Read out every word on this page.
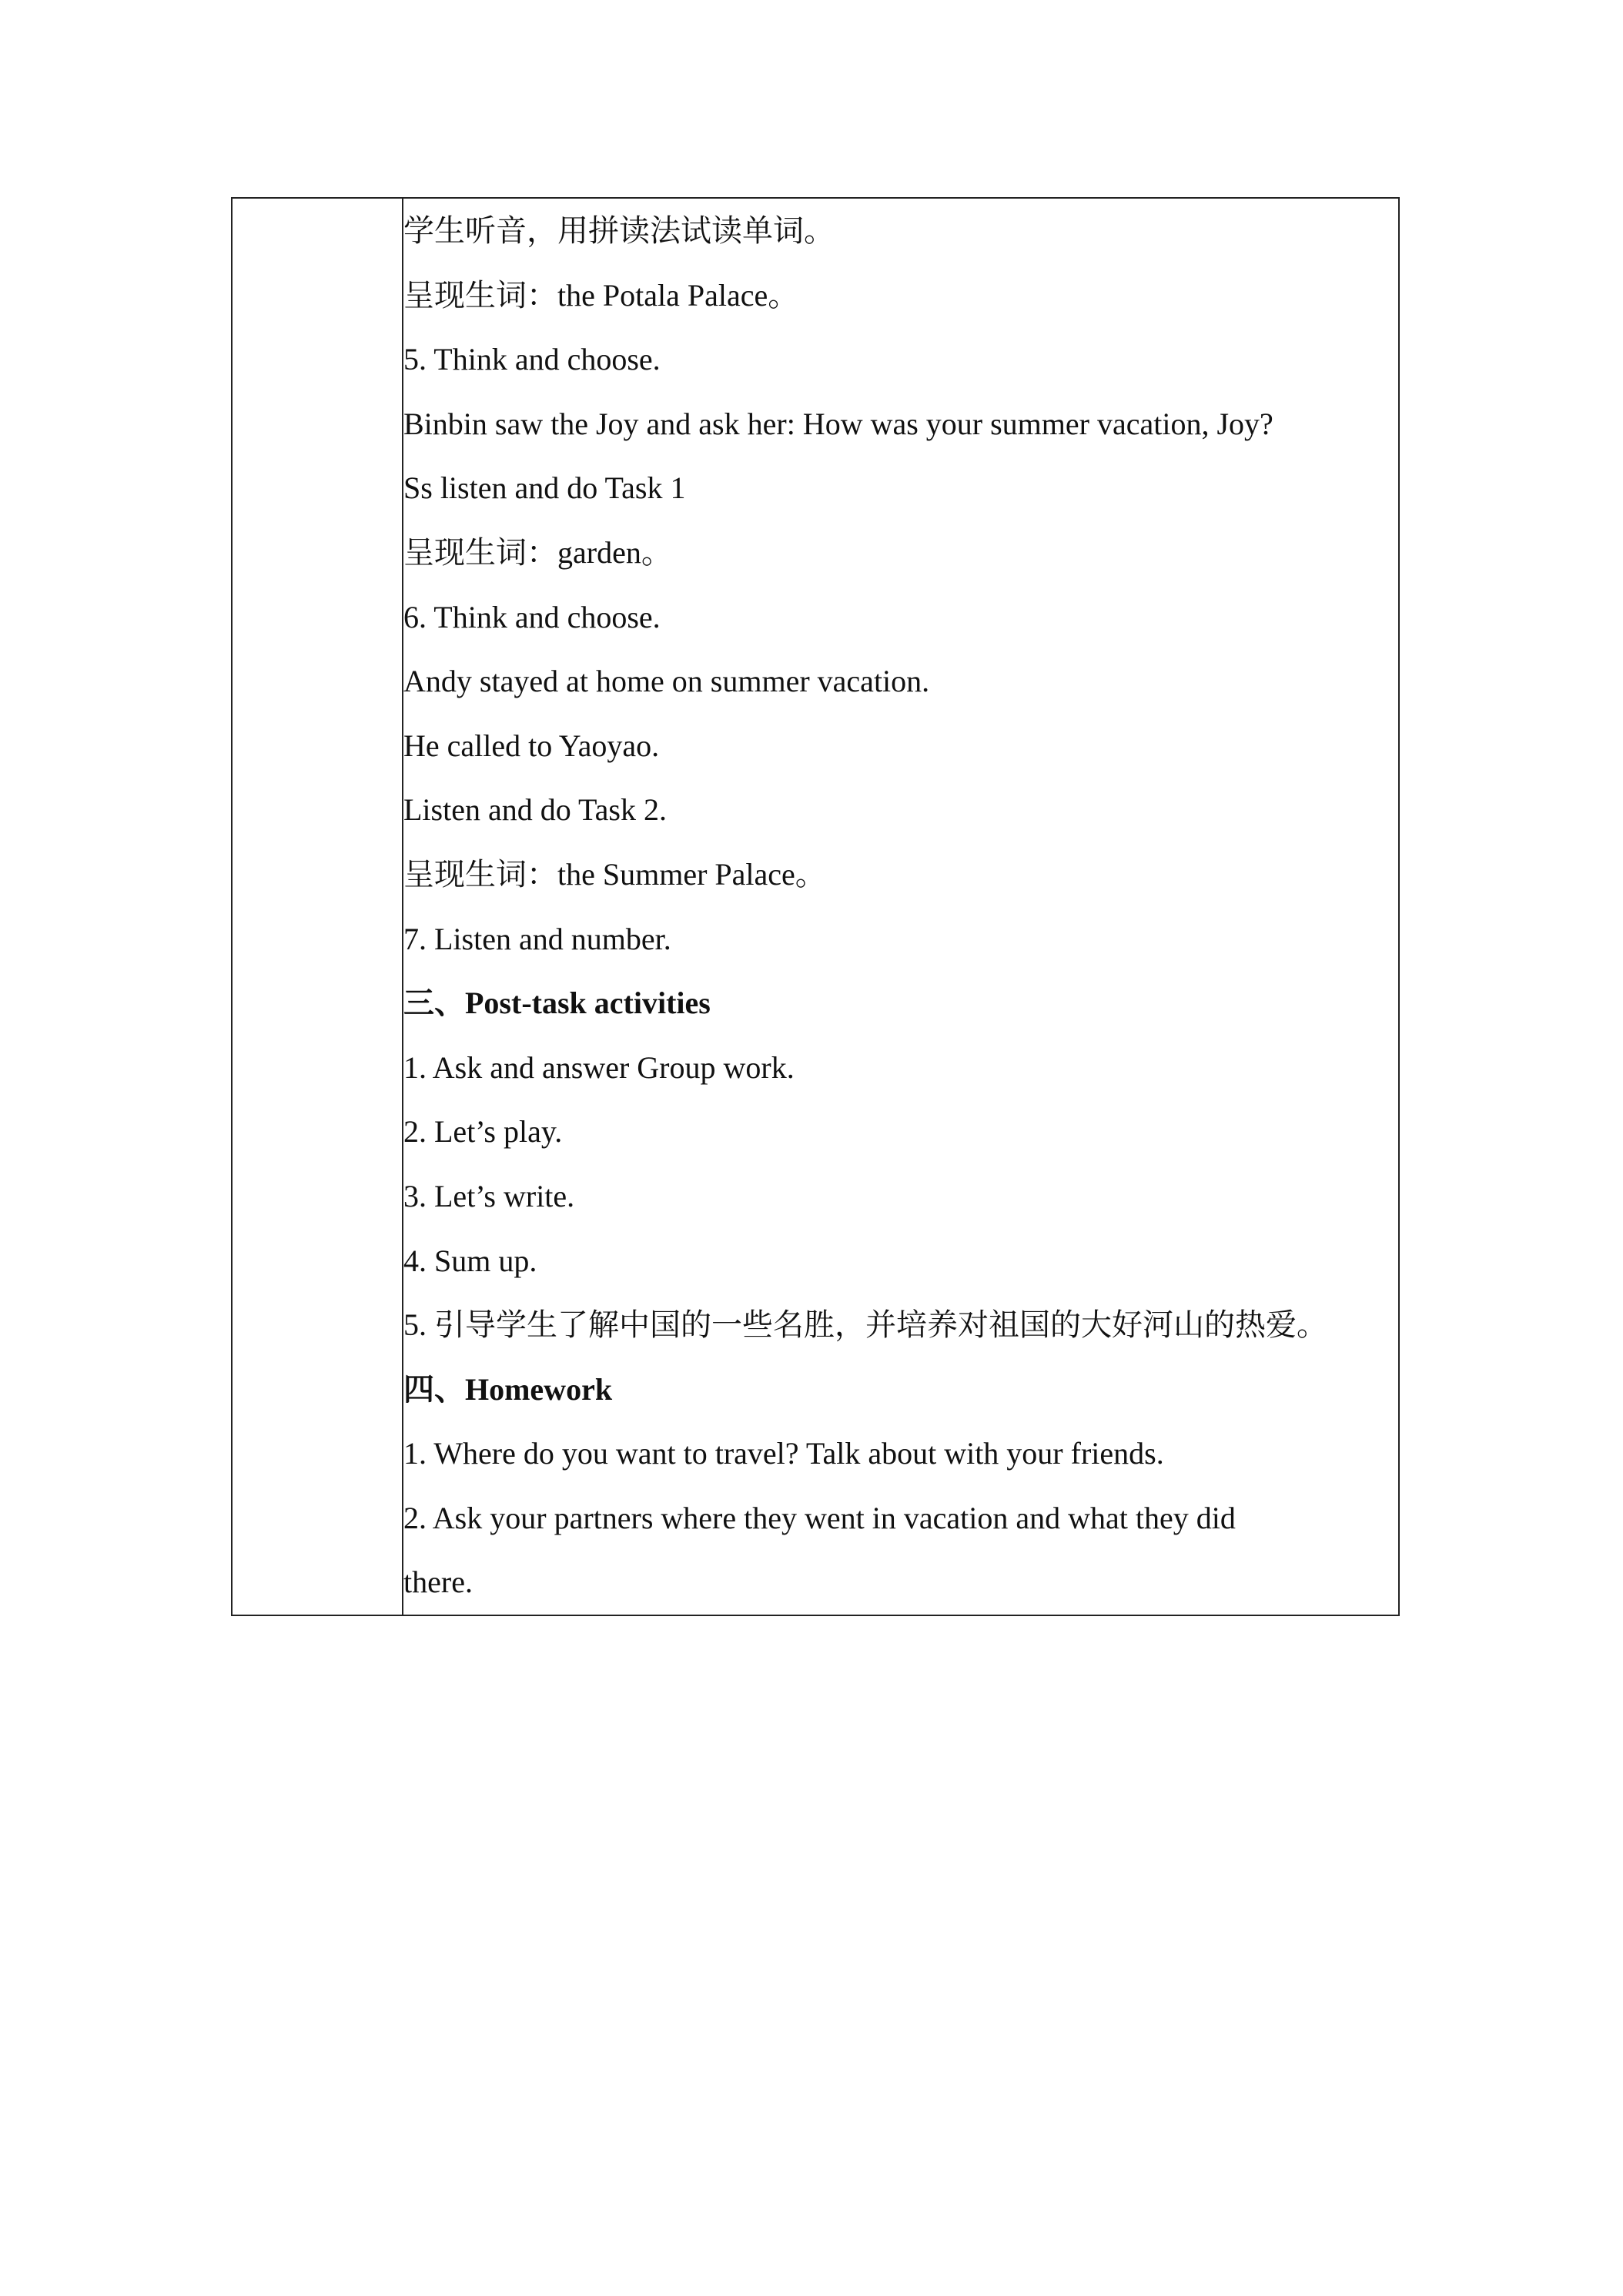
学生听音，用拼读法试读单词。
呈现生词：the Potala Palace。
5. Think and choose.
Binbin saw the Joy and ask her: How was your summer vacation, Joy?
Ss listen and do Task 1
呈现生词：garden。
6. Think and choose.
Andy stayed at home on summer vacation.
He called to Yaoyao.
Listen and do Task 2.
呈现生词：the Summer Palace。
7. Listen and number.
三、Post-task activities
1. Ask and answer Group work.
2. Let’s play.
3. Let’s write.
4. Sum up.
5. 引导学生了解中国的一些名胜，并培养对祖国的大好河山的热爱。
四、Homework
1. Where do you want to travel? Talk about with your friends.
2. Ask your partners where they went in vacation and what they did
there.
